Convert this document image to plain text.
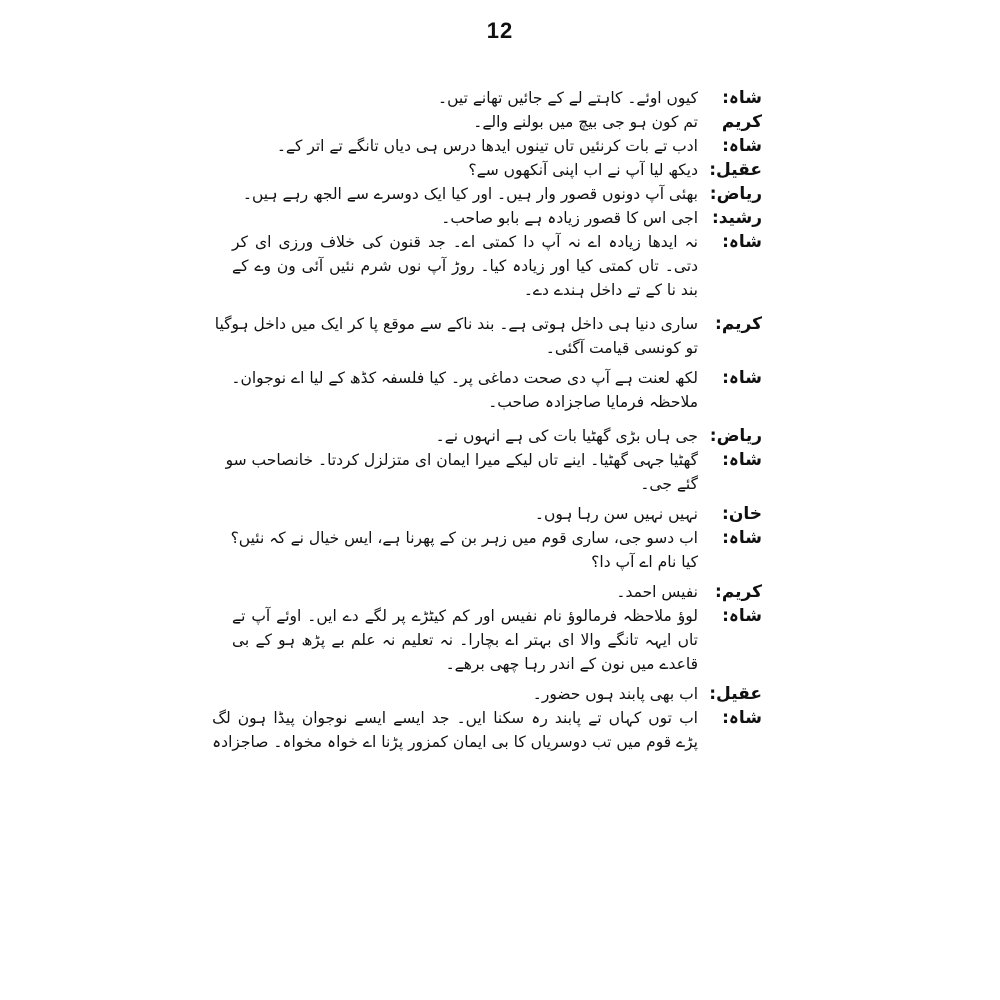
12
شاہ:
کیوں اوئے۔ کاہتے لے کے جائیں تھانے تیں۔
کریم
تم کون ہو جی بیچ میں بولنے والے۔
شاہ:
ادب تے بات کرنئیں تاں تینوں ایدھا درس ہی دیاں تانگے تے اتر کے۔
عقیل:
دیکھ لیا آپ نے اب اپنی آنکھوں سے؟
ریاض:
بھئی آپ دونوں قصور وار ہیں۔ اور کیا ایک دوسرے سے الجھ رہے ہیں۔
رشید:
اجی اس کا قصور زیادہ ہے بابو صاحب۔
شاہ:
نہ ایدھا زیادہ اے نہ آپ دا کمتی اے۔ جد قنون کی خلاف ورزی ای کر
دتی۔ تاں کمتی کیا اور زیادہ کیا۔ روڑ آپ نوں شرم نئیں آئی ون وے کے
بند نا کے تے داخل ہندے دے۔
کریم:
ساری دنیا ہی داخل ہوتی ہے۔ بند ناکے سے موقع پا کر ایک میں داخل ہوگیا
تو کونسی قیامت آگئی۔
شاہ:
لکھ لعنت ہے آپ دی صحت دماغی پر۔ کیا فلسفہ کڈھ کے لیا اے نوجوان۔
ملاحظہ فرمایا صاجزادہ صاحب۔
ریاض:
جی ہاں بڑی گھٹیا بات کی ہے انہوں نے۔
شاہ:
گھٹیا جہی گھٹیا۔ اینے تاں لیکے میرا ایمان ای متزلزل کردتا۔ خانصاحب سو
گئے جی۔
خان:
نہیں نہیں سن رہا ہوں۔
شاہ:
اب دسو جی، ساری قوم میں زہر بن کے پھرنا ہے، ایس خیال نے کہ نئیں؟
کیا نام اے آپ دا؟
کریم:
نفیس احمد۔
شاہ:
لوؤ ملاحظہ فرمالوؤ نام نفیس اور کم کیٹڑے پر لگے دے ایں۔ اوئے آپ تے
تاں ایہہ تانگے والا ای بہتر اے بچارا۔ نہ تعلیم نہ علم بے پڑھ ہو کے بی
قاعدے میں نون کے اندر رہا چھی برھے۔
عقیل:
اب بھی پابند ہوں حضور۔
شاہ:
اب توں کہاں تے پابند رہ سکنا ایں۔ جد ایسے ایسے نوجوان پیڈا ہون لگ
پڑے قوم میں تب دوسریاں کا بی ایمان کمزور پڑنا اے خواہ مخواہ۔ صاجزادہ
